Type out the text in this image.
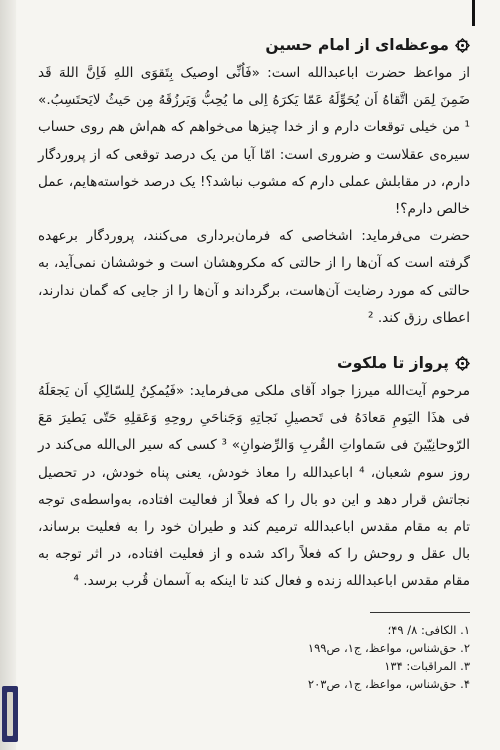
موعظه‌ای از امام حسین

از مواعظ حضرت اباعبدالله است: «فَاُنِّی اوصیک بِتَقوَی اللهِ فَاِنَّ اللهَ قَد ضَمِنَ لِمَن اتَّقاهُ اَن یُحَوِّلَهُ عَمّا یَکرَهُ اِلی ما یُحِبُّ وَیَرزُقَهُ مِن حَیثُ لایَحتَسِبُ.» ¹ من خیلی توقعات دارم و از خدا چیزها می‌خواهم که هم‌اش هم روی حساب سیره‌ی عقلاست و ضروری است: امّا آیا من یک درصد توقعی که از پروردگار دارم، در مقابلش عملی دارم که مشوب نباشد؟! یک درصد خواسته‌هایم، عمل خالص دارم؟!

حضرت می‌فرماید: اشخاصی که فرمان‌برداری می‌کنند، پروردگار برعهده گرفته است که آن‌ها را از حالتی که مکروهشان است و خوششان نمی‌آید، به حالتی که مورد رضایت آن‌هاست، برگرداند و آن‌ها را از جایی که گمان ندارند، اعطای رزق کند. ²

پرواز تا ملکوت

مرحوم آیت‌الله میرزا جواد آقای ملکی می‌فرماید: «فَیُمکِنُ لِلسّالِکِ اَن یَجعَلَهُ فی هذَا الیَومِ مَعادَهُ فی تَحصیلِ نَجاتِهِ وَجَناحَیِ روحِهِ وَعَقلِهِ حَتّی یَطیرَ مَعَ الرّوحانِیّینَ فی سَماواتِ القُربِ وَالرِّضوانِ» ³ کسی که سیر الی‌الله می‌کند در روز سوم شعبان، ⁴ اباعبدالله را معاذ خودش، یعنی پناه خودش، در تحصیل نجاتش قرار دهد و این دو بال را که فعلاً از فعالیت افتاده، به‌واسطه‌ی توجه تام به مقام مقدس اباعبدالله ترمیم کند و طیران خود را به فعلیت برساند، بال عقل و روحش را که فعلاً راکد شده و از فعلیت افتاده، در اثر توجه به مقام مقدس اباعبدالله زنده و فعال کند تا اینکه به آسمان قُرب برسد. ⁴

۱. الکافی: ۸/ ۴۹؛
۲. حق‌شناس، مواعظ، ج۱، ص۱۹۹
۳. المراقبات: ۱۳۴
۴. حق‌شناس، مواعظ، ج۱، ص۲۰۳
